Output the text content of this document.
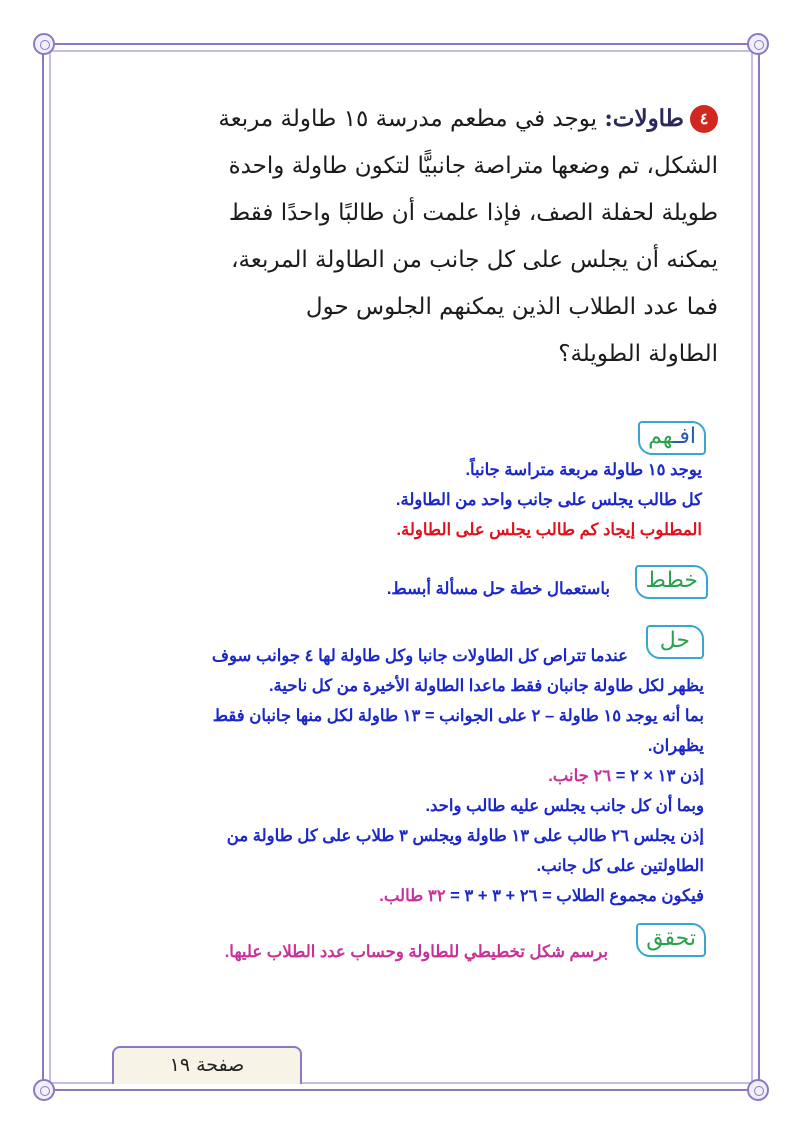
٤طاولات: يوجد في مطعم مدرسة ١٥ طاولة مربعة
الشكل، تم وضعها متراصة جانبيًّا لتكون طاولة واحدة
طويلة لحفلة الصف، فإذا علمت أن طالبًا واحدًا فقط
يمكنه أن يجلس على كل جانب من الطاولة المربعة،
فما عدد الطلاب الذين يمكنهم الجلوس حول
الطاولة الطويلة؟
افـهم
يوجد ١٥ طاولة مربعة متراسة جانباً.
كل طالب يجلس على جانب واحد من الطاولة.
المطلوب إيجاد كم طالب يجلس على الطاولة.
خطط
باستعمال خطة حل مسألة أبسط.
حل
عندما تتراص كل الطاولات جانبا وكل طاولة لها ٤ جوانب سوف
يظهر لكل طاولة جانبان فقط ماعدا الطاولة الأخيرة من كل ناحية.
بما أنه يوجد ١٥ طاولة – ٢ على الجوانب = ١٣ طاولة لكل منها جانبان فقط
يظهران.
إذن ١٣ × ٢ = ٢٦ جانب.
وبما أن كل جانب يجلس عليه طالب واحد.
إذن يجلس ٢٦ طالب على ١٣ طاولة ويجلس ٣ طلاب على كل طاولة من
الطاولتين على كل جانب.
فيكون مجموع الطلاب = ٢٦ + ٣ + ٣ = ٣٢ طالب.
تحقق
برسم شكل تخطيطي للطاولة وحساب عدد الطلاب عليها.
صفحة ١٩
